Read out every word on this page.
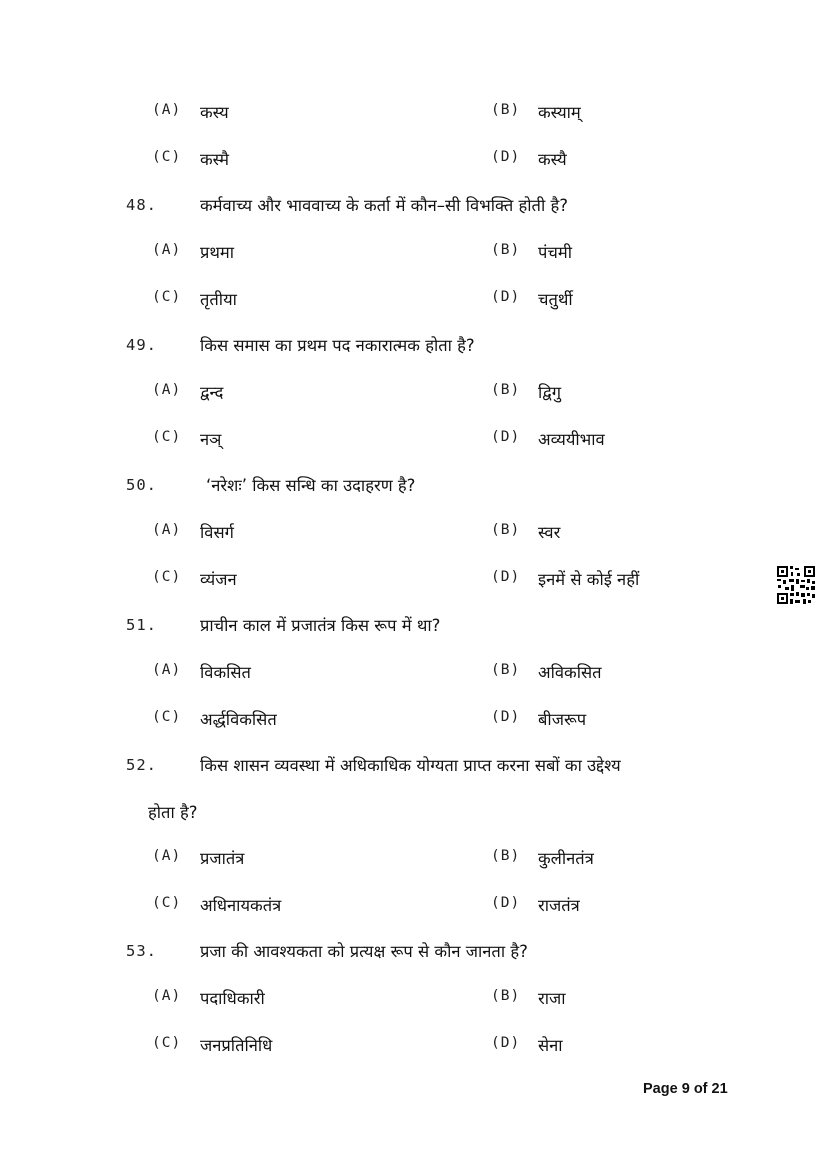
(A) कस्य	(B) कस्याम्
(C) कस्मै	(D) कस्यै
48.	कर्मवाच्य और भाववाच्य के कर्ता में कौन–सी विभक्ति होती है?
(A) प्रथमा	(B) पंचमी
(C) तृतीया	(D) चतुर्थी
49.	किस समास का प्रथम पद नकारात्मक होता है?
(A) द्वन्द	(B) द्विगु
(C) नञ्	(D) अव्ययीभाव
50.	‘नरेशः’ किस सन्धि का उदाहरण है?
(A) विसर्ग	(B) स्वर
(C) व्यंजन	(D) इनमें से कोई नहीं
51.	प्राचीन काल में प्रजातंत्र किस रूप में था?
(A) विकसित	(B) अविकसित
(C) अर्द्धविकसित	(D) बीजरूप
52.	किस शासन व्यवस्था में अधिकाधिक योग्यता प्राप्त करना सबों का उद्देश्य
होता है?
(A) प्रजातंत्र	(B) कुलीनतंत्र
(C) अधिनायकतंत्र	(D) राजतंत्र
53.	प्रजा की आवश्यकता को प्रत्यक्ष रूप से कौन जानता है?
(A) पदाधिकारी	(B) राजा
(C) जनप्रतिनिधि	(D) सेना
Page 9 of 21
